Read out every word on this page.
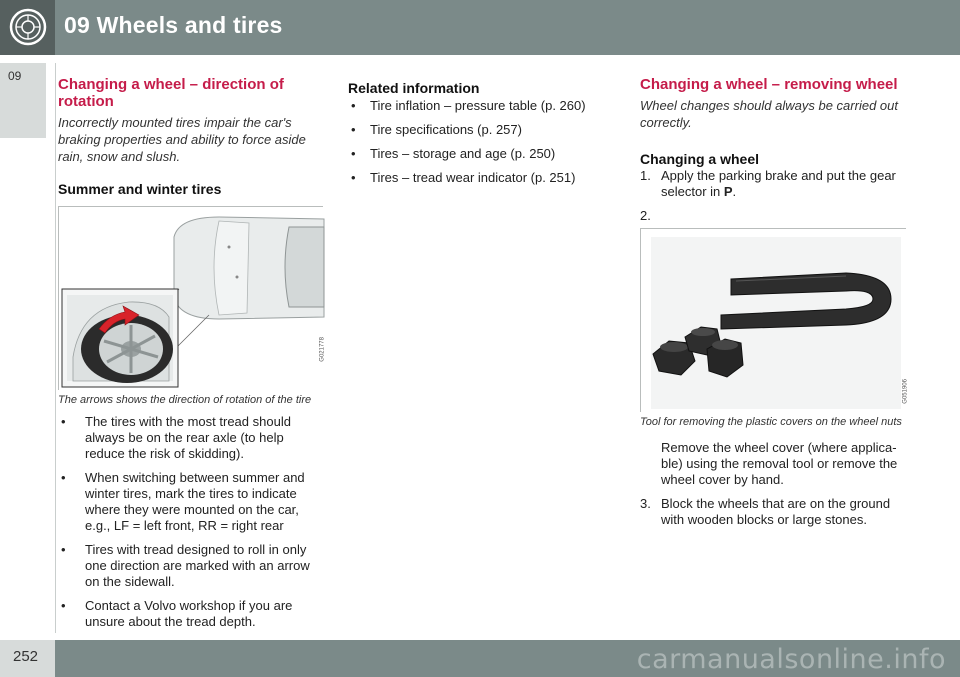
09 Wheels and tires
09 Changing a wheel – direction of rotation
Incorrectly mounted tires impair the car's braking properties and ability to force aside rain, snow and slush.
Summer and winter tires
G021778
The arrows shows the direction of rotation of the tire
• The tires with the most tread should always be on the rear axle (to help reduce the risk of skidding).
• When switching between summer and winter tires, mark the tires to indicate where they were mounted on the car, e.g., LF = left front, RR = right rear
• Tires with tread designed to roll in only one direction are marked with an arrow on the sidewall.
• Contact a Volvo workshop if you are unsure about the tread depth.
Related information
• Tire inflation – pressure table (p. 260)
• Tire specifications (p. 257)
• Tires – storage and age (p. 250)
• Tires – tread wear indicator (p. 251)
Changing a wheel – removing wheel
Wheel changes should always be carried out correctly.
Changing a wheel
1. Apply the parking brake and put the gear selector in P.
2.
G051906
Tool for removing the plastic covers on the wheel nuts
Remove the wheel cover (where applica-ble) using the removal tool or remove the wheel cover by hand.
3. Block the wheels that are on the ground with wooden blocks or large stones.
252	carmanualsonline.info
